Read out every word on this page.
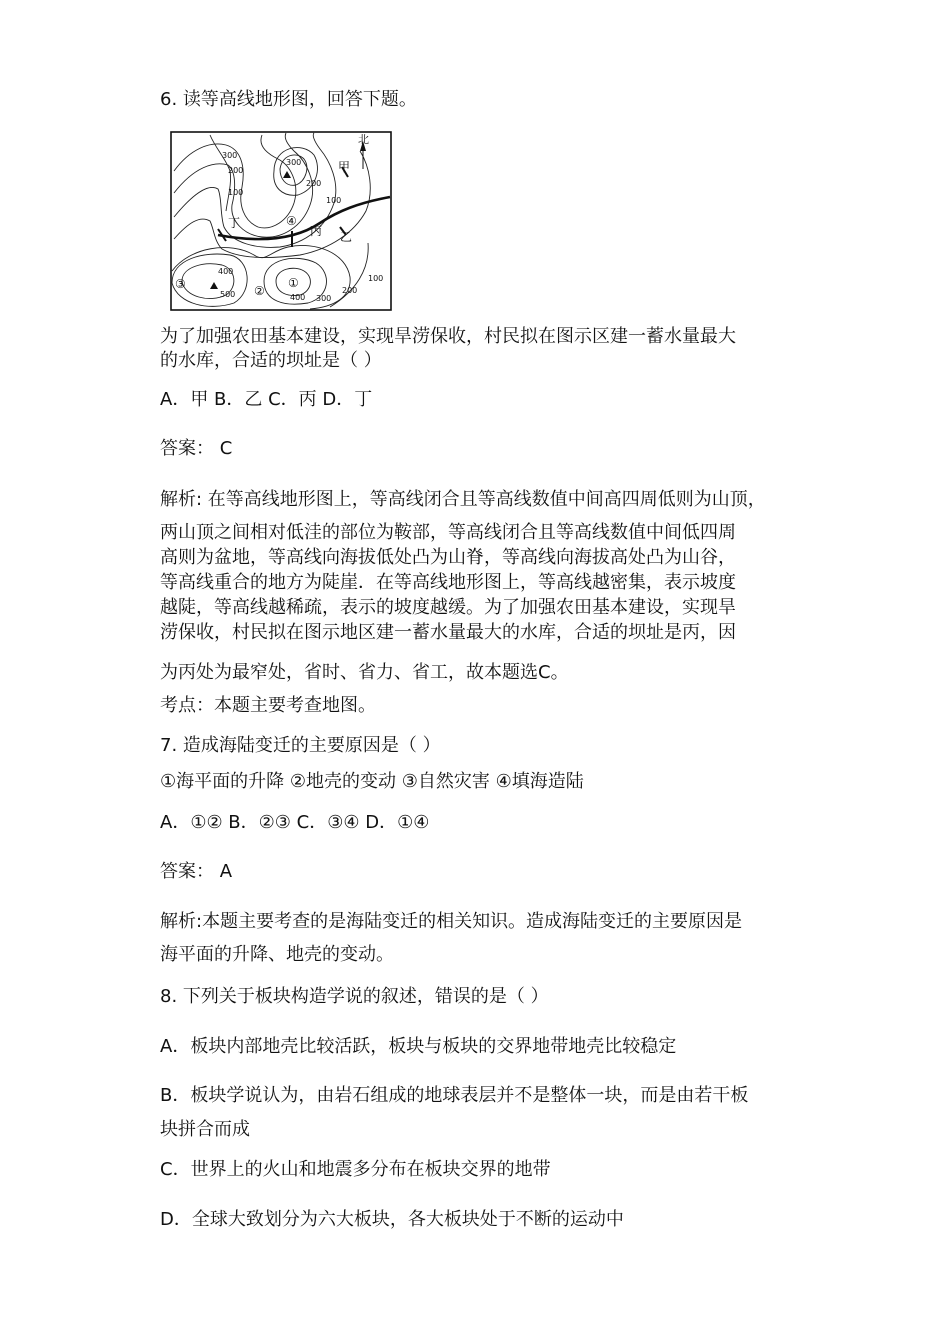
6. 读等高线地形图，回答下题。

北
300
200
100
300
200
100
400
500	400 300
200
100
甲
乙
丙
丁
①
②
③
④

为了加强农田基本建设，实现旱涝保收，村民拟在图示区建一蓄水量最大

的水库，合适的坝址是（ ）

A．甲 B．乙 C．丙 D．丁

答案： C

解析: 在等高线地形图上，等高线闭合且等高线数值中间高四周低则为山顶，

两山顶之间相对低洼的部位为鞍部，等高线闭合且等高线数值中间低四周

高则为盆地，等高线向海拔低处凸为山脊，等高线向海拔高处凸为山谷，

等高线重合的地方为陡崖．在等高线地形图上，等高线越密集，表示坡度

越陡，等高线越稀疏，表示的坡度越缓。为了加强农田基本建设，实现旱

涝保收，村民拟在图示地区建一蓄水量最大的水库，合适的坝址是丙，因

为丙处为最窄处，省时、省力、省工，故本题选C。

考点：本题主要考查地图。

7. 造成海陆变迁的主要原因是（ ）

①海平面的升降 ②地壳的变动 ③自然灾害 ④填海造陆

A．①② B．②③ C．③④ D．①④

答案： A

解析:本题主要考查的是海陆变迁的相关知识。造成海陆变迁的主要原因是

海平面的升降、地壳的变动。

8. 下列关于板块构造学说的叙述，错误的是（ ）

A．板块内部地壳比较活跃，板块与板块的交界地带地壳比较稳定

B．板块学说认为，由岩石组成的地球表层并不是整体一块，而是由若干板

块拼合而成

C．世界上的火山和地震多分布在板块交界的地带

D．全球大致划分为六大板块，各大板块处于不断的运动中
